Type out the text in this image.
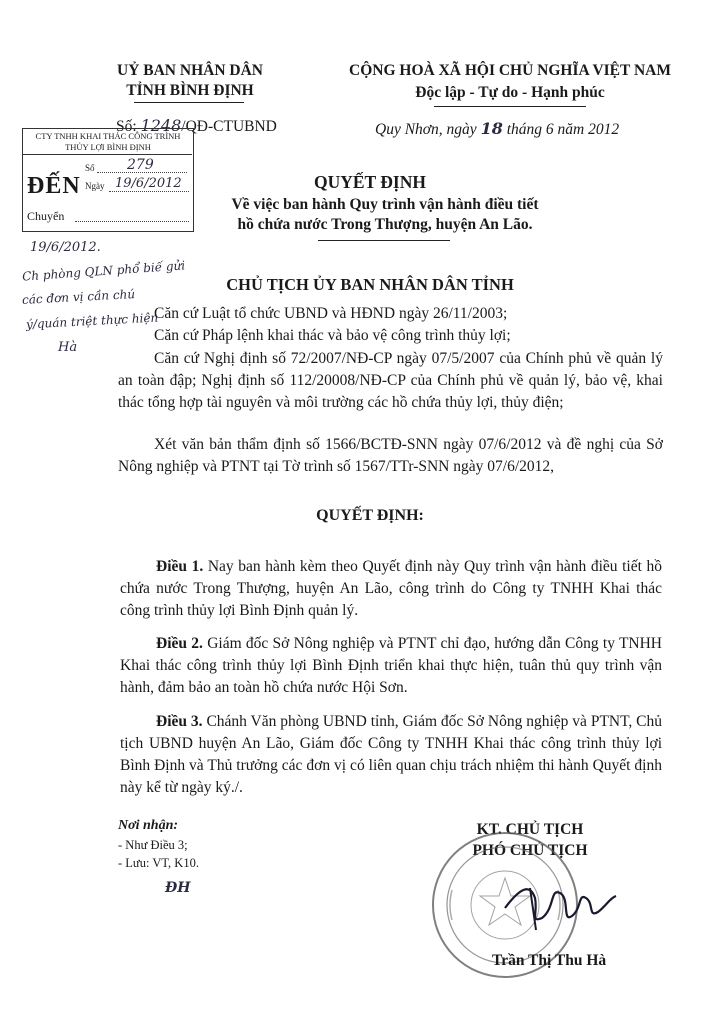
UỶ BAN NHÂN DÂN
TỈNH BÌNH ĐỊNH
Số: 1248/QĐ-CTUBND
CỘNG HOÀ XÃ HỘI CHỦ NGHĨA VIỆT NAM
Độc lập - Tự do - Hạnh phúc
Quy Nhơn, ngày 18 tháng 6 năm 2012
CTY TNHH KHAI THÁC CÔNG TRÌNH
THỦY LỢI BÌNH ĐỊNH
ĐẾN
Số 279
Ngày 19/6/2012
Chuyển
19/6/2012.
Ch phòng QLN phổ biế gửi
các đơn vị cần chú
ý/quán triệt thực hiện
Hà
QUYẾT ĐỊNH
Về việc ban hành Quy trình vận hành điều tiết
hồ chứa nước Trong Thượng, huyện An Lão.
CHỦ TỊCH ỦY BAN NHÂN DÂN TỈNH
Căn cứ Luật tổ chức UBND và HĐND ngày 26/11/2003;
Căn cứ Pháp lệnh khai thác và bảo vệ công trình thủy lợi;
Căn cứ Nghị định số 72/2007/NĐ-CP ngày 07/5/2007 của Chính phủ về quản lý an toàn đập; Nghị định số 112/20008/NĐ-CP của Chính phủ về quản lý, bảo vệ, khai thác tổng hợp tài nguyên và môi trường các hồ chứa thủy lợi, thủy điện;
Xét văn bản thẩm định số 1566/BCTĐ-SNN ngày 07/6/2012 và đề nghị của Sở Nông nghiệp và PTNT tại Tờ trình số 1567/TTr-SNN ngày 07/6/2012,
QUYẾT ĐỊNH:
Điều 1. Nay ban hành kèm theo Quyết định này Quy trình vận hành điều tiết hồ chứa nước Trong Thượng, huyện An Lão, công trình do Công ty TNHH Khai thác công trình thủy lợi Bình Định quản lý.
Điều 2. Giám đốc Sở Nông nghiệp và PTNT chỉ đạo, hướng dẫn Công ty TNHH Khai thác công trình thủy lợi Bình Định triển khai thực hiện, tuân thủ quy trình vận hành, đảm bảo an toàn hồ chứa nước Hội Sơn.
Điều 3. Chánh Văn phòng UBND tỉnh, Giám đốc Sở Nông nghiệp và PTNT, Chủ tịch UBND huyện An Lão, Giám đốc Công ty TNHH Khai thác công trình thủy lợi Bình Định và Thủ trưởng các đơn vị có liên quan chịu trách nhiệm thi hành Quyết định này kể từ ngày ký./.
Nơi nhận:
- Như Điều 3;
- Lưu: VT, K10.
ĐH
KT. CHỦ TỊCH
PHÓ CHỦ TỊCH
Trần Thị Thu Hà
